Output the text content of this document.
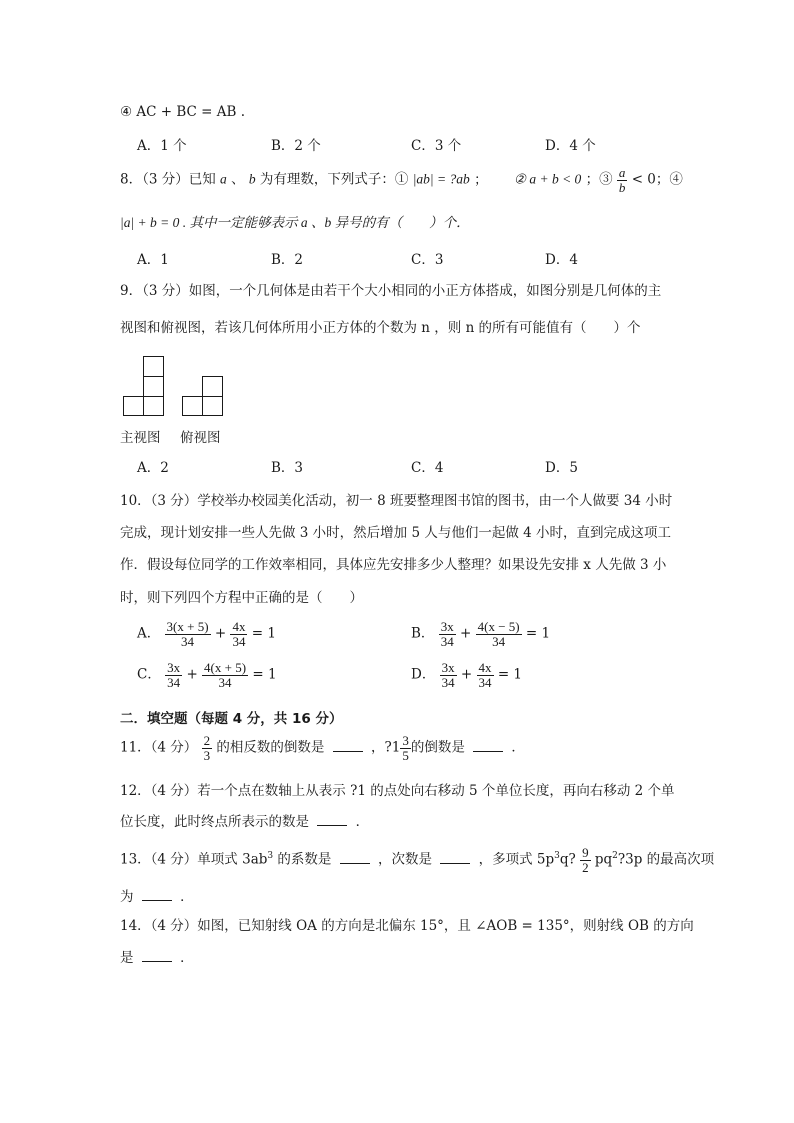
④ AC + BC = AB .
A．1 个	B．2 个	C．3 个	D．4 个
8．（3 分）已知 a 、 b 为有理数，下列式子：① |ab| = ?ab ； ② a + b < 0 ；③ $\frac{a}{b} < 0$；④
|a| + b = 0 . 其中一定能够表示 a 、b 异号的有（　　）个．
A．1	B．2	C．3	D．4
9．（3 分）如图，一个几何体是由若干个大小相同的小正方体搭成，如图分别是几何体的主
视图和俯视图，若该几何体所用小正方体的个数为 n ，则 n 的所有可能值有（　　）个
主视图 俯视图
A．2	B．3	C．4	D．5
10．（3 分）学校举办校园美化活动，初一 8 班要整理图书馆的图书，由一个人做要 34 小时
完成，现计划安排一些人先做 3 小时，然后增加 5 人与他们一起做 4 小时，直到完成这项工
作．假设每位同学的工作效率相同，具体应先安排多少人整理？如果设先安排 x 人先做 3 小
时，则下列四个方程中正确的是（　　）
A． $\frac{3(x + 5)}{34} + \frac{4x}{34} = 1$	B． $\frac{3x}{34} + \frac{4(x - 5)}{34} = 1$
C． $\frac{3x}{34} + \frac{4(x + 5)}{34} = 1$	D． $\frac{3x}{34} + \frac{4x}{34} = 1$
二．填空题（每题 4 分，共 16 分）
11．（4 分） $\frac{2}{3}$ 的相反数的倒数是	，?1 $\frac{3}{5}$ 的倒数是	．
12．（4 分）若一个点在数轴上从表示 ?1 的点处向右移动 5 个单位长度，再向右移动 2 个单
位长度，此时终点所表示的数是	．
13．（4 分）单项式 $3ab^3$ 的系数是	，次数是	，多项式 $5p^3q$? $\frac{9}{2}$ $pq^2?3p$ 的最高次项
为	．
14．（4 分）如图，已知射线 OA 的方向是北偏东 15°，且 ∠AOB = 135°，则射线 OB 的方向
是	．
